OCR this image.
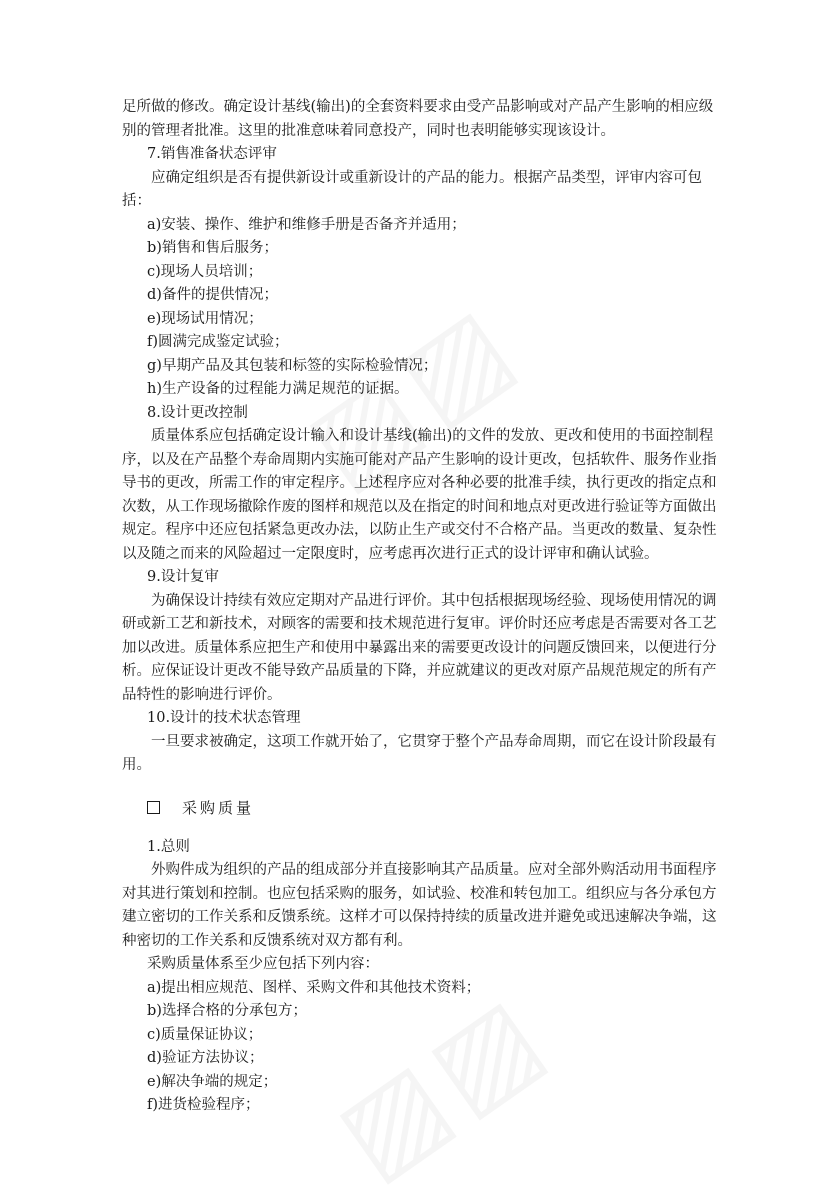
足所做的修改。确定设计基线(输出)的全套资料要求由受产品影响或对产品产生影响的相应级别的管理者批准。这里的批准意味着同意投产，同时也表明能够实现该设计。

7.销售准备状态评审

应确定组织是否有提供新设计或重新设计的产品的能力。根据产品类型，评审内容可包括：

a)安装、操作、维护和维修手册是否备齐并适用；

b)销售和售后服务；

c)现场人员培训；

d)备件的提供情况；

e)现场试用情况；

f)圆满完成鉴定试验；

g)早期产品及其包装和标签的实际检验情况；

h)生产设备的过程能力满足规范的证据。

8.设计更改控制

质量体系应包括确定设计输入和设计基线(输出)的文件的发放、更改和使用的书面控制程序，以及在产品整个寿命周期内实施可能对产品产生影响的设计更改，包括软件、服务作业指导书的更改，所需工作的审定程序。上述程序应对各种必要的批准手续，执行更改的指定点和次数，从工作现场撤除作废的图样和规范以及在指定的时间和地点对更改进行验证等方面做出规定。程序中还应包括紧急更改办法，以防止生产或交付不合格产品。当更改的数量、复杂性以及随之而来的风险超过一定限度时，应考虑再次进行正式的设计评审和确认试验。

9.设计复审

为确保设计持续有效应定期对产品进行评价。其中包括根据现场经验、现场使用情况的调研或新工艺和新技术，对顾客的需要和技术规范进行复审。评价时还应考虑是否需要对各工艺加以改进。质量体系应把生产和使用中暴露出来的需要更改设计的问题反馈回来，以便进行分析。应保证设计更改不能导致产品质量的下降，并应就建议的更改对原产品规范规定的所有产品特性的影响进行评价。

10.设计的技术状态管理

一旦要求被确定，这项工作就开始了，它贯穿于整个产品寿命周期，而它在设计阶段最有用。

采购质量

1.总则

外购件成为组织的产品的组成部分并直接影响其产品质量。应对全部外购活动用书面程序对其进行策划和控制。也应包括采购的服务，如试验、校准和转包加工。组织应与各分承包方建立密切的工作关系和反馈系统。这样才可以保持持续的质量改进并避免或迅速解决争端，这种密切的工作关系和反馈系统对双方都有利。

采购质量体系至少应包括下列内容：

a)提出相应规范、图样、采购文件和其他技术资料；

b)选择合格的分承包方；

c)质量保证协议；

d)验证方法协议；

e)解决争端的规定；

f)进货检验程序；
